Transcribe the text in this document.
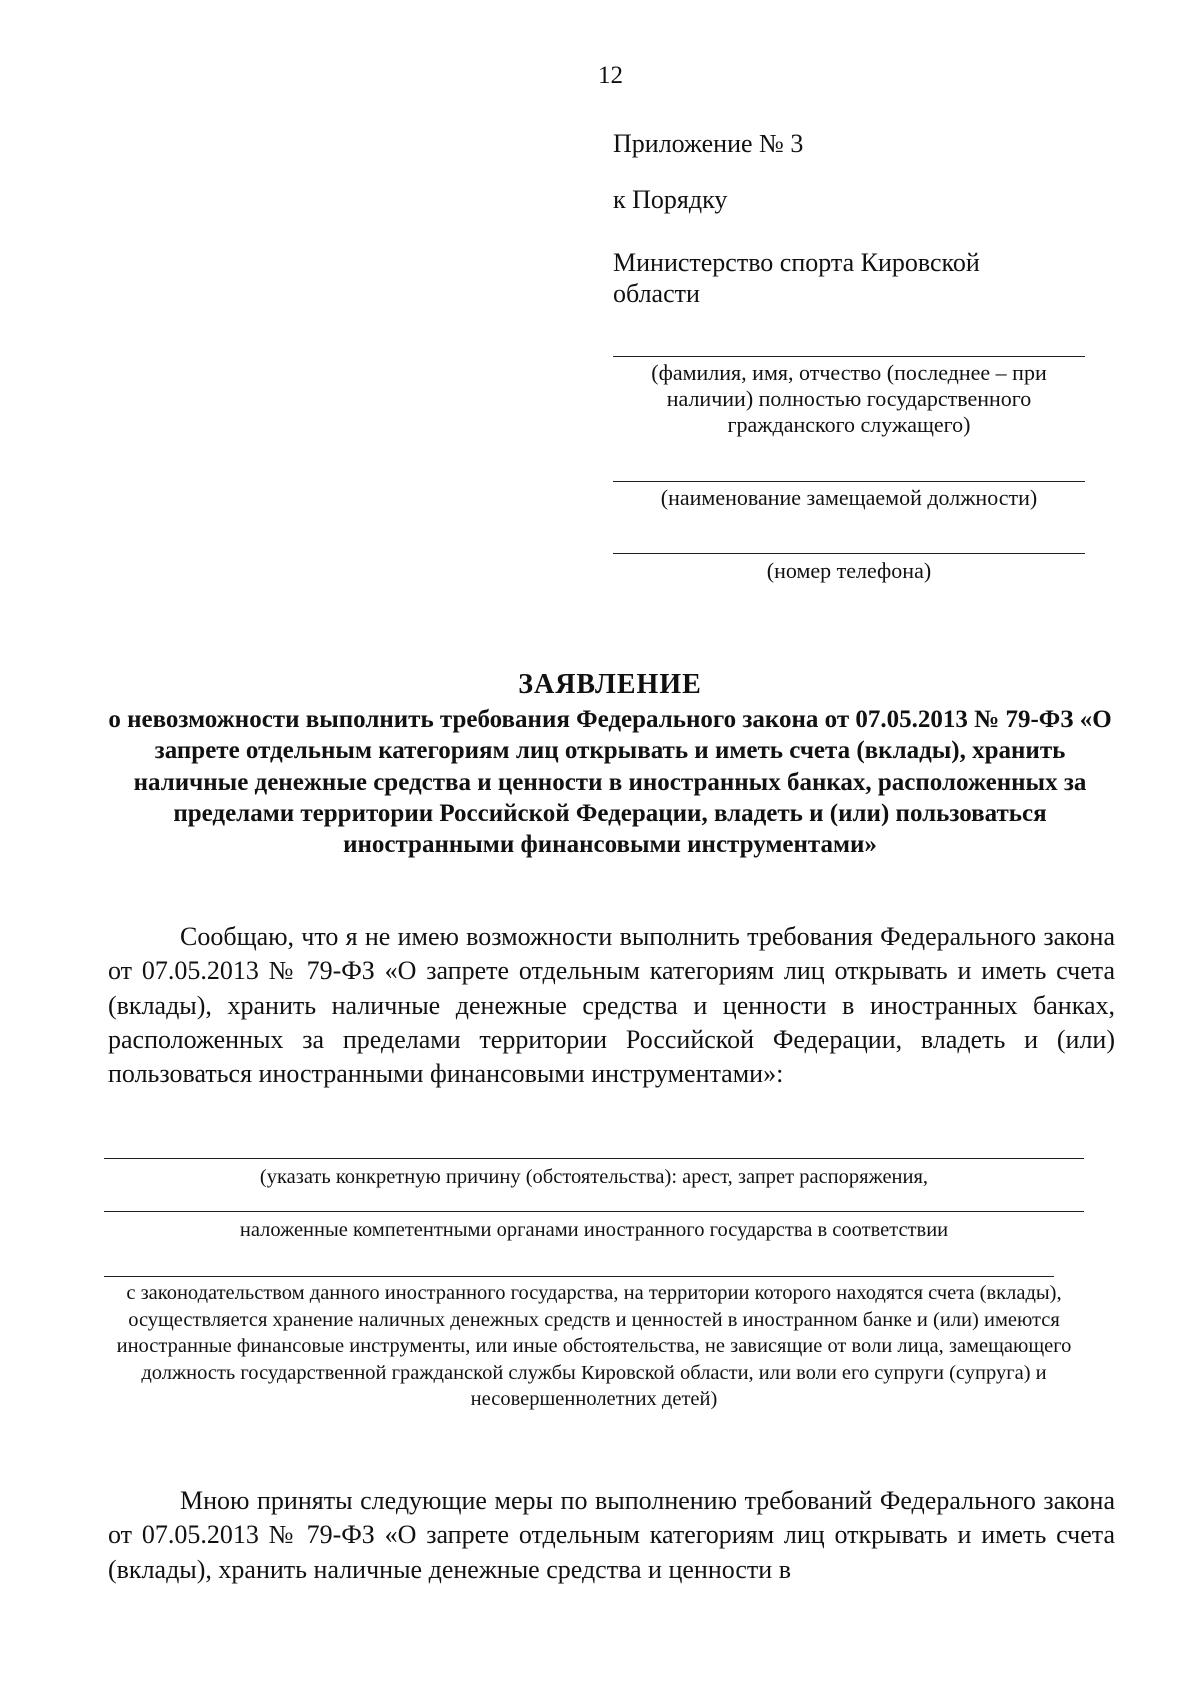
12
Приложение № 3
к Порядку
Министерство спорта Кировской
области
(фамилия, имя, отчество (последнее – при наличии) полностью государственного гражданского служащего)
(наименование замещаемой должности)
(номер телефона)
ЗАЯВЛЕНИЕ
о невозможности выполнить требования Федерального закона от 07.05.2013 № 79-ФЗ «О запрете отдельным категориям лиц открывать и иметь счета (вклады), хранить наличные денежные средства и ценности в иностранных банках, расположенных за пределами территории Российской Федерации, владеть и (или) пользоваться иностранными финансовыми инструментами»
Сообщаю, что я не имею возможности выполнить требования Федерального закона от 07.05.2013 № 79-ФЗ «О запрете отдельным категориям лиц открывать и иметь счета (вклады), хранить наличные денежные средства и ценности в иностранных банках, расположенных за пределами территории Российской Федерации, владеть и (или) пользоваться иностранными финансовыми инструментами»:
(указать конкретную причину (обстоятельства): арест, запрет распоряжения,
наложенные компетентными органами иностранного государства в соответствии
с законодательством данного иностранного государства, на территории которого находятся счета (вклады), осуществляется хранение наличных денежных средств и ценностей в иностранном банке и (или) имеются иностранные финансовые инструменты, или иные обстоятельства, не зависящие от воли лица, замещающего должность государственной гражданской службы Кировской области, или воли его супруги (супруга) и несовершеннолетних детей)
Мною приняты следующие меры по выполнению требований Федерального закона от 07.05.2013 № 79-ФЗ «О запрете отдельным категориям лиц открывать и иметь счета (вклады), хранить наличные денежные средства и ценности в
